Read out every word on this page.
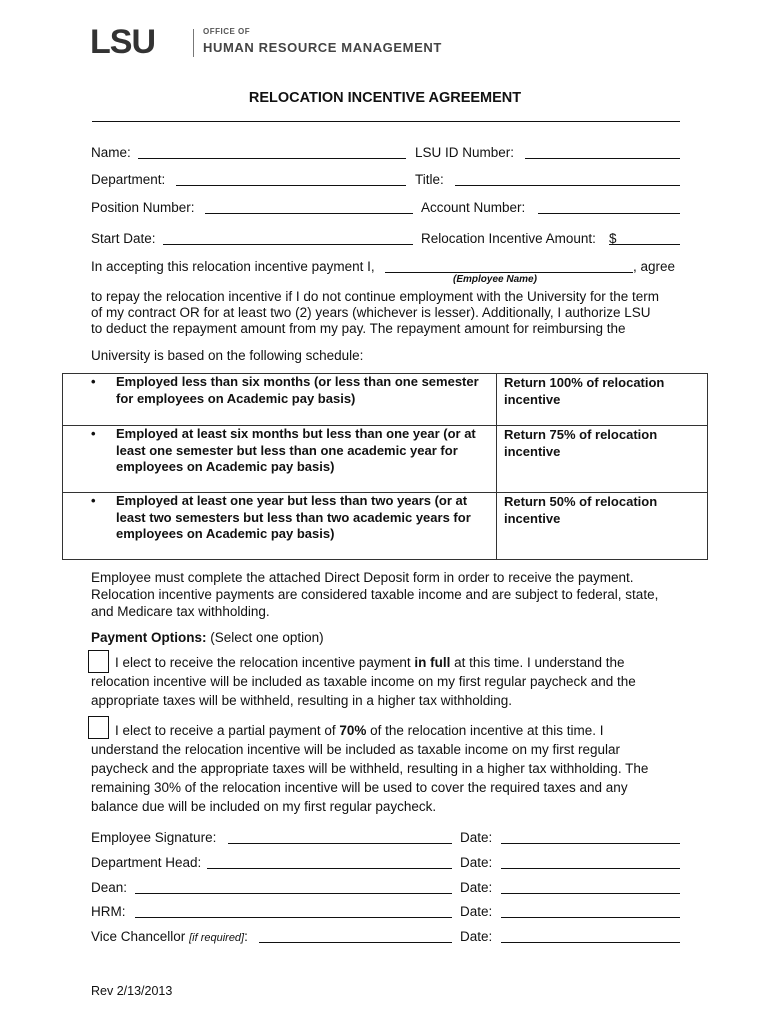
LSU	OFFICE OF
HUMAN RESOURCE MANAGEMENT
RELOCATION INCENTIVE AGREEMENT
Name:	LSU ID Number:
Department:	Title:
Position Number:	Account Number:
Start Date:	Relocation Incentive Amount: $
In accepting this relocation incentive payment I,	, agree
(Employee Name)
to repay the relocation incentive if I do not continue employment with the University for the term
of my contract OR for at least two (2) years (whichever is lesser). Additionally, I authorize LSU
to deduct the repayment amount from my pay. The repayment amount for reimbursing the
University is based on the following schedule:
• Employed less than six months (or less than one semester for employees on Academic pay basis)	Return 100% of relocation incentive

• Employed at least six months but less than one year (or at least one semester but less than one academic year for employees on Academic pay basis)	Return 75% of relocation incentive

• Employed at least one year but less than two years (or at least two semesters but less than two academic years for employees on Academic pay basis)	Return 50% of relocation incentive
Employee must complete the attached Direct Deposit form in order to receive the payment.
Relocation incentive payments are considered taxable income and are subject to federal, state,
and Medicare tax withholding.
Payment Options: (Select one option)
I elect to receive the relocation incentive payment in full at this time. I understand the
relocation incentive will be included as taxable income on my first regular paycheck and the
appropriate taxes will be withheld, resulting in a higher tax withholding.
I elect to receive a partial payment of 70% of the relocation incentive at this time. I
understand the relocation incentive will be included as taxable income on my first regular
paycheck and the appropriate taxes will be withheld, resulting in a higher tax withholding. The
remaining 30% of the relocation incentive will be used to cover the required taxes and any
balance due will be included on my first regular paycheck.
Employee Signature:	Date:
Department Head:	Date:
Dean:	Date:
HRM:	Date:
Vice Chancellor [if required]:	Date:
Rev 2/13/2013
